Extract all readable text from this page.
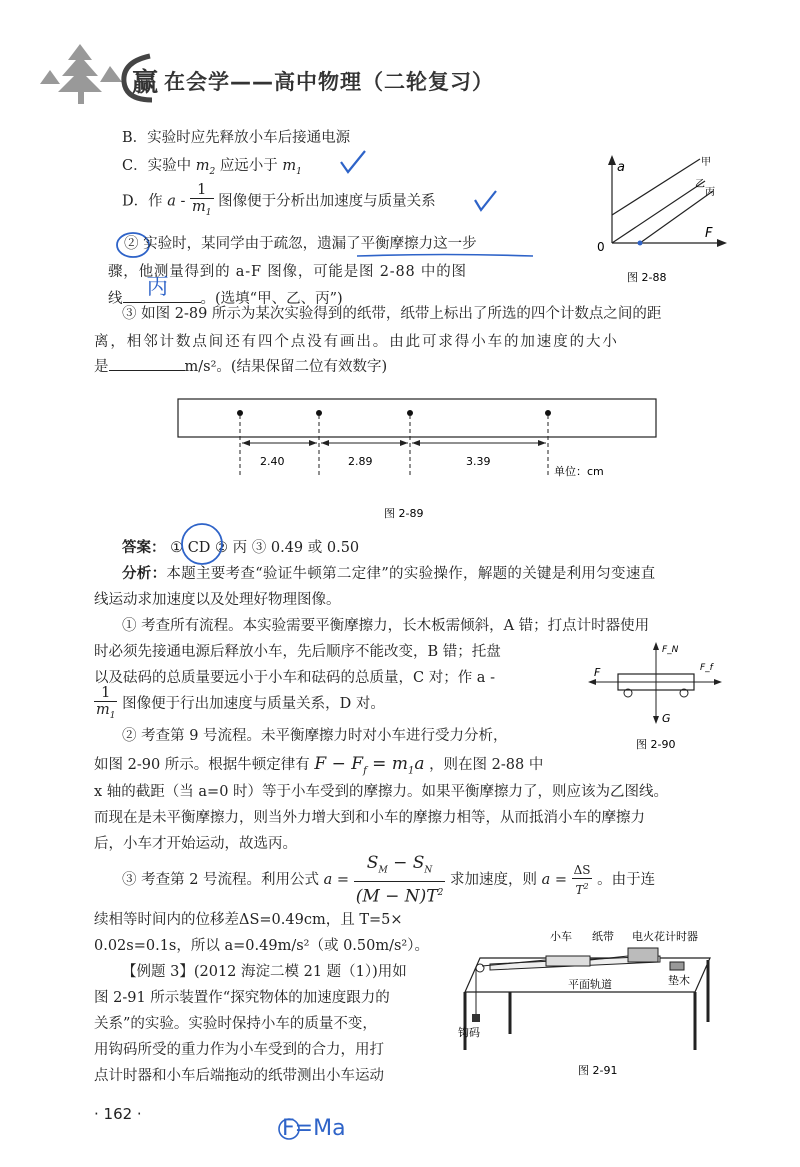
赢 在会学——高中物理（二轮复习）
B．实验时应先释放小车后接通电源
C．实验中 $m_2$ 应远小于 $m_1$
D．作 a - $\frac{1}{m_1}$ 图像便于分析出加速度与质量关系
② 实验时，某同学由于疏忽，遗漏了平衡摩擦力这一步
骤，他测量得到的 a-F 图像，可能是图 2-88 中的图
线 丙 。(选填“甲、乙、丙”)
a
F
0
甲
乙
丙
图 2-88
③ 如图 2-89 所示为某次实验得到的纸带，纸带上标出了所选的四个计数点之间的距
离，相邻计数点间还有四个点没有画出。由此可求得小车的加速度的大小
是	m/s²。(结果保留二位有效数字)
2.40	2.89	3.39
单位：cm
图 2-89
答案： ① CD ② 丙 ③ 0.49 或 0.50
分析：本题主要考查“验证牛顿第二定律”的实验操作，解题的关键是利用匀变速直
线运动求加速度以及处理好物理图像。
① 考查所有流程。本实验需要平衡摩擦力，长木板需倾斜，A 错；打点计时器使用
时必须先接通电源后释放小车，先后顺序不能改变，B 错；托盘
以及砝码的总质量要远小于小车和砝码的总质量，C 对；作 a -
$\frac{1}{m_1}$ 图像便于行出加速度与质量关系，D 对。
F
F_N
F_f
G
图 2-90
② 考查第 9 号流程。未平衡摩擦力时对小车进行受力分析，
如图 2-90 所示。根据牛顿定律有 $F - F_f = m_1a$ ，则在图 2-88 中
x 轴的截距（当 a=0 时）等于小车受到的摩擦力。如果平衡摩擦力了，则应该为乙图线。
而现在是未平衡摩擦力，则当外力增大到和小车的摩擦力相等，从而抵消小车的摩擦力
后，小车才开始运动，故选丙。
③ 考查第 2 号流程。利用公式 $a = \frac{S_M - S_N}{(M - N)T^2}$ 求加速度，则 $a = \frac{\Delta S}{T^2}$ 。由于连
续相等时间内的位移差ΔS=0.49cm，且 T=5×
0.02s=0.1s，所以 a=0.49m/s²（或 0.50m/s²）。
【例题 3】(2012 海淀二模 21 题（1）)用如
图 2-91 所示装置作“探究物体的加速度跟力的
关系”的实验。实验时保持小车的质量不变，
用钩码所受的重力作为小车受到的合力，用打
点计时器和小车后端拖动的纸带测出小车运动
小车 纸带 电火花计时器
平面轨道	垫木
钩码
图 2-91
· 162 ·
F=Ma
